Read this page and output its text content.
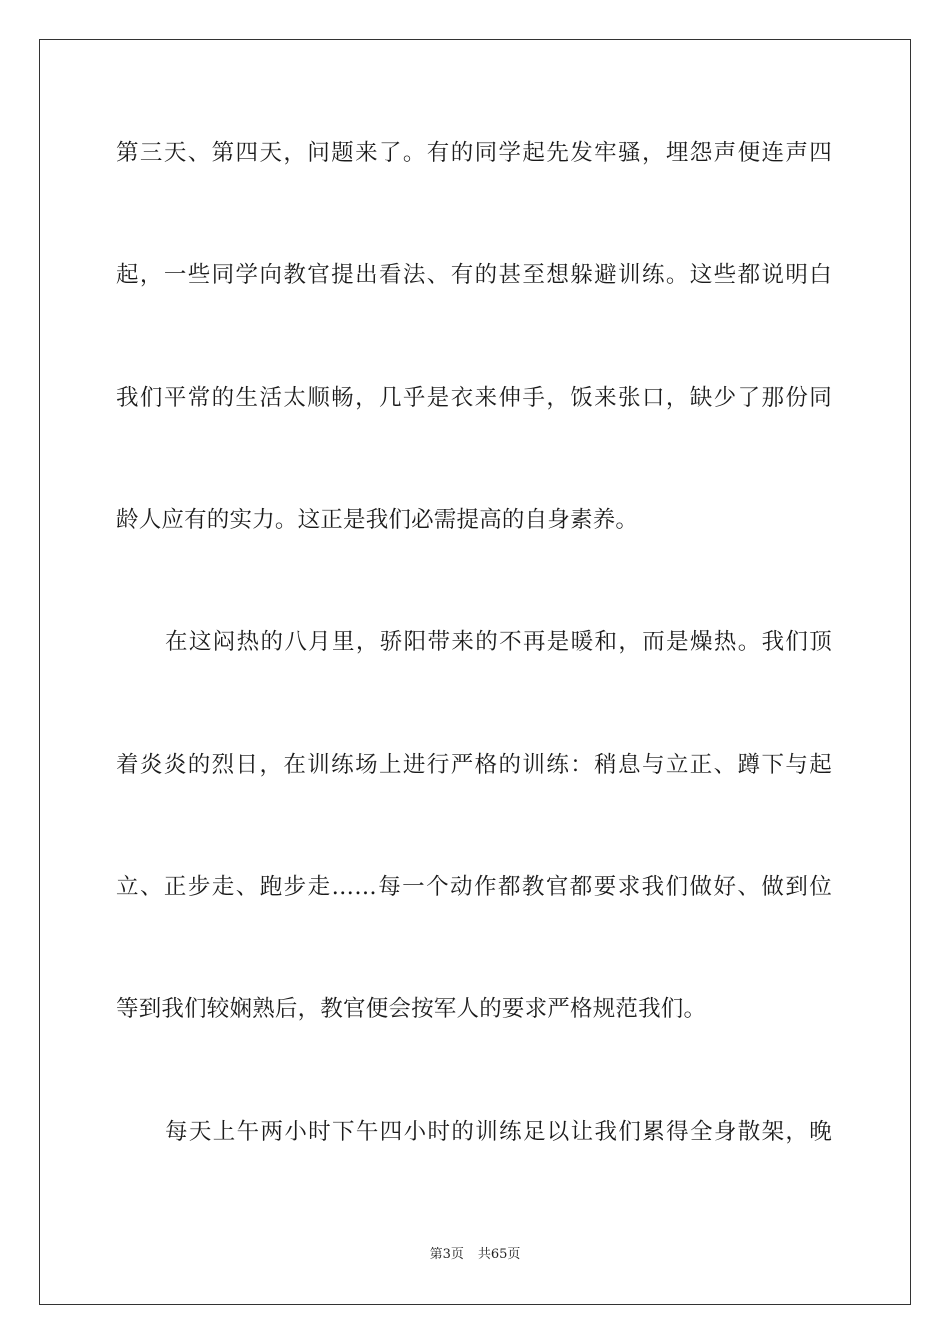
第三天、第四天，问题来了。有的同学起先发牢骚，埋怨声便连声四
起，一些同学向教官提出看法、有的甚至想躲避训练。这些都说明白
我们平常的生活太顺畅，几乎是衣来伸手，饭来张口，缺少了那份同
龄人应有的实力。这正是我们必需提高的自身素养。
在这闷热的八月里，骄阳带来的不再是暖和，而是燥热。我们顶
着炎炎的烈日，在训练场上进行严格的训练：稍息与立正、蹲下与起
立、正步走、跑步走……每一个动作都教官都要求我们做好、做到位
等到我们较娴熟后，教官便会按军人的要求严格规范我们。
每天上午两小时下午四小时的训练足以让我们累得全身散架，晚
第3页 共65页
